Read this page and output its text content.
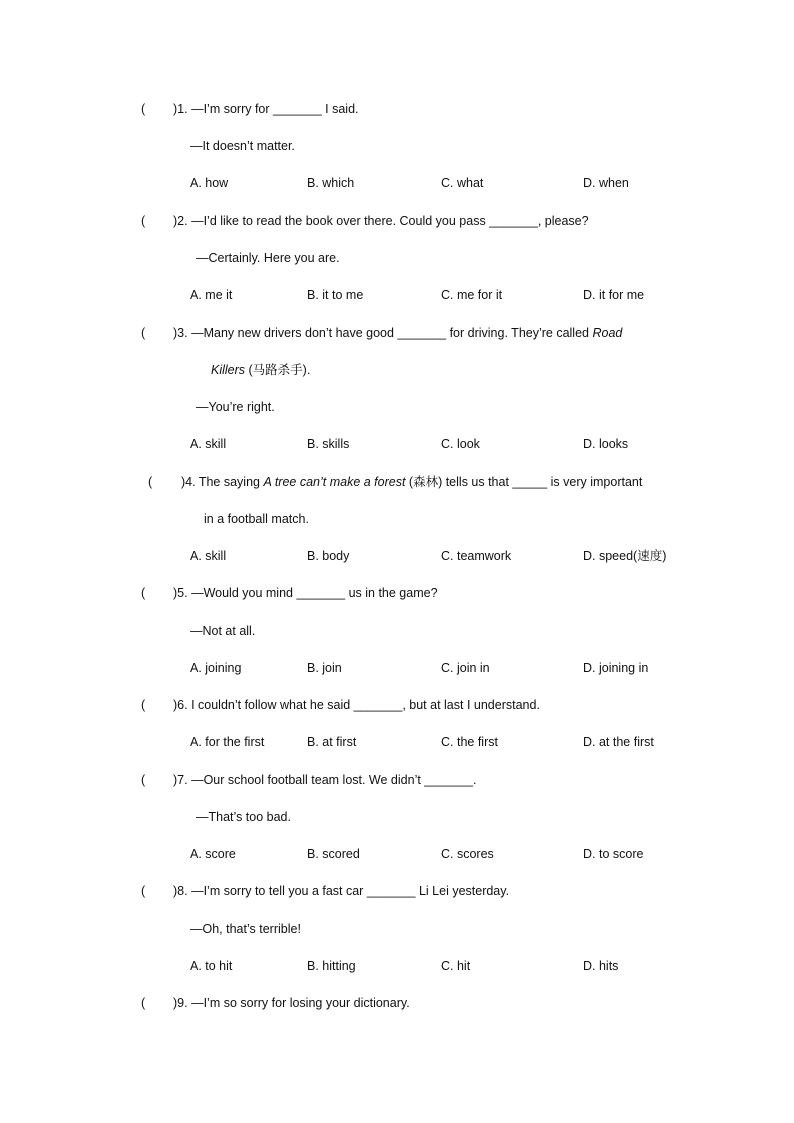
( )1. —I’m sorry for _______ I said.
—It doesn’t matter.
A. how	B. which	C. what	D. when
( )2. —I’d like to read the book over there. Could you pass _______, please?
—Certainly. Here you are.
A. me it	B. it to me	C. me for it	D. it for me
( )3. —Many new drivers don’t have good _______ for driving. They’re called Road
Killers (马路杀手).
—You’re right.
A. skill	B. skills	C. look	D. looks
( )4. The saying A tree can’t make a forest (森林) tells us that _____ is very important
in a football match.
A. skill	B. body	C. teamwork	D. speed(速度)
( )5. —Would you mind _______ us in the game?
—Not at all.
A. joining	B. join	C. join in	D. joining in
( )6. I couldn’t follow what he said _______, but at last I understand.
A. for the first	B. at first	C. the first	D. at the first
( )7. —Our school football team lost. We didn’t _______.
—That’s too bad.
A. score	B. scored	C. scores	D. to score
( )8. —I’m sorry to tell you a fast car _______ Li Lei yesterday.
—Oh, that’s terrible!
A. to hit	B. hitting	C. hit	D. hits
( )9. —I’m so sorry for losing your dictionary.
